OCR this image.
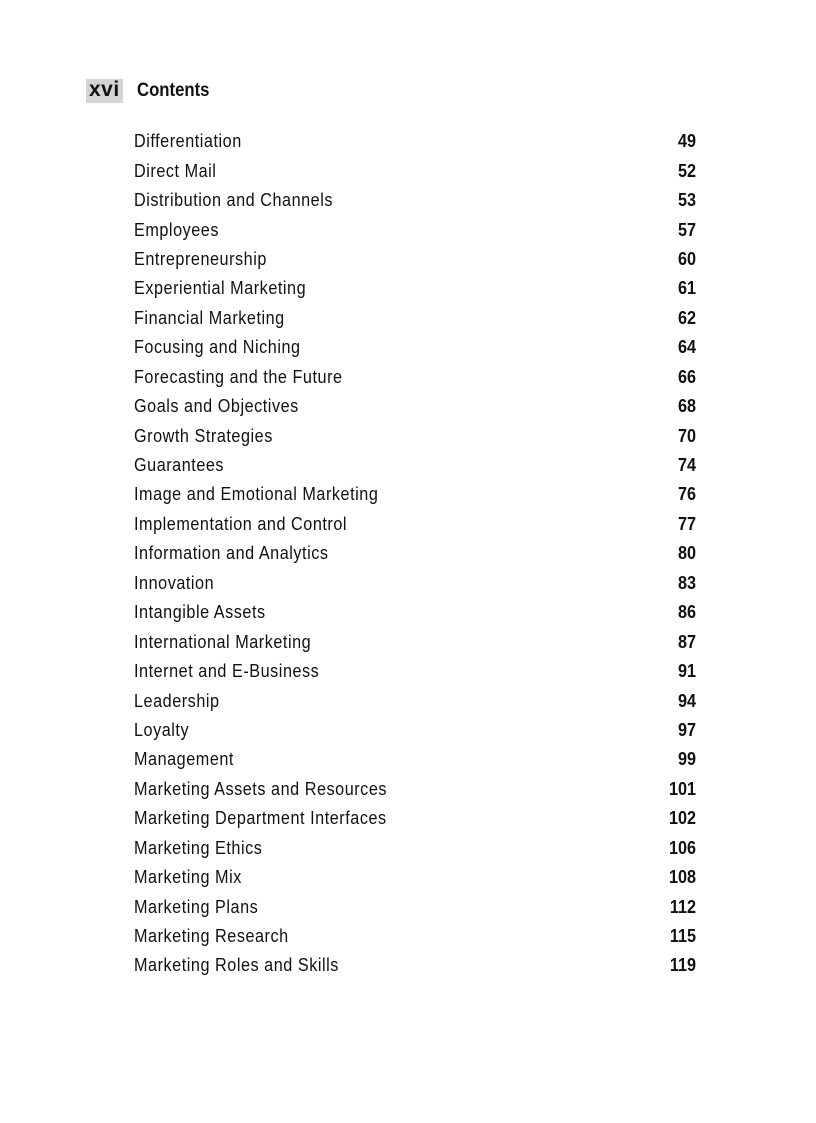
xvi Contents
Differentiation	49
Direct Mail	52
Distribution and Channels	53
Employees	57
Entrepreneurship	60
Experiential Marketing	61
Financial Marketing	62
Focusing and Niching	64
Forecasting and the Future	66
Goals and Objectives	68
Growth Strategies	70
Guarantees	74
Image and Emotional Marketing	76
Implementation and Control	77
Information and Analytics	80
Innovation	83
Intangible Assets	86
International Marketing	87
Internet and E-Business	91
Leadership	94
Loyalty	97
Management	99
Marketing Assets and Resources	101
Marketing Department Interfaces	102
Marketing Ethics	106
Marketing Mix	108
Marketing Plans	112
Marketing Research	115
Marketing Roles and Skills	119
